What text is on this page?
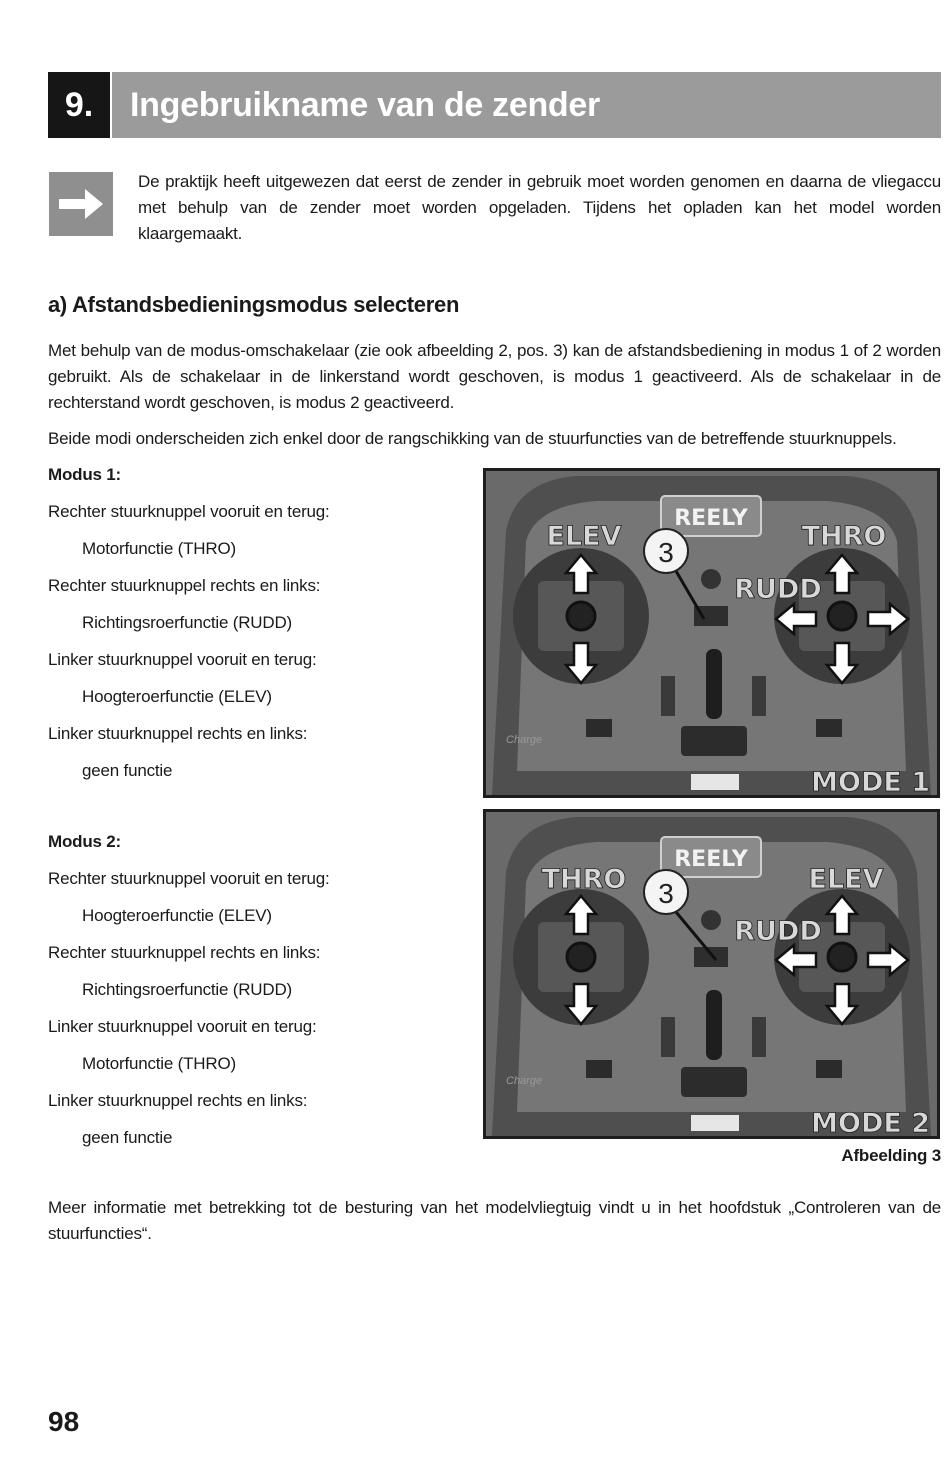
9.	Ingebruikname van de zender
De praktijk heeft uitgewezen dat eerst de zender in gebruik moet worden genomen en daarna de vliegaccu met behulp van de zender moet worden opgeladen. Tijdens het opladen kan het model worden klaargemaakt.
a) Afstandsbedieningsmodus selecteren

Met behulp van de modus-omschakelaar (zie ook afbeelding 2, pos. 3) kan de afstandsbediening in modus 1 of 2 worden gebruikt. Als de schakelaar in de linkerstand wordt geschoven, is modus 1 geactiveerd. Als de schakelaar in de rechterstand wordt geschoven, is modus 2 geactiveerd.

Beide modi onderscheiden zich enkel door de rangschikking van de stuurfuncties van de betreffende stuurknuppels.

Modus 1:
Rechter stuurknuppel vooruit en terug:
Motorfunctie (THRO)
Rechter stuurknuppel rechts en links:
Richtingsroerfunctie (RUDD)
Linker stuurknuppel vooruit en terug:
Hoogteroerfunctie (ELEV)
Linker stuurknuppel rechts en links:
geen functie
Modus 2:
Rechter stuurknuppel vooruit en terug:
Hoogteroerfunctie (ELEV)
Rechter stuurknuppel rechts en links:
Richtingsroerfunctie (RUDD)
Linker stuurknuppel vooruit en terug:
Motorfunctie (THRO)
Linker stuurknuppel rechts en links:
geen functie
REELY
Charge
3
ELEV	THRO
RUDD
MODE 1
REELY
Charge
3
THRO	ELEV
RUDD
MODE 2
Afbeelding 3

Meer informatie met betrekking tot de besturing van het modelvliegtuig vindt u in het hoofdstuk „Controleren van de stuurfuncties“.

98
